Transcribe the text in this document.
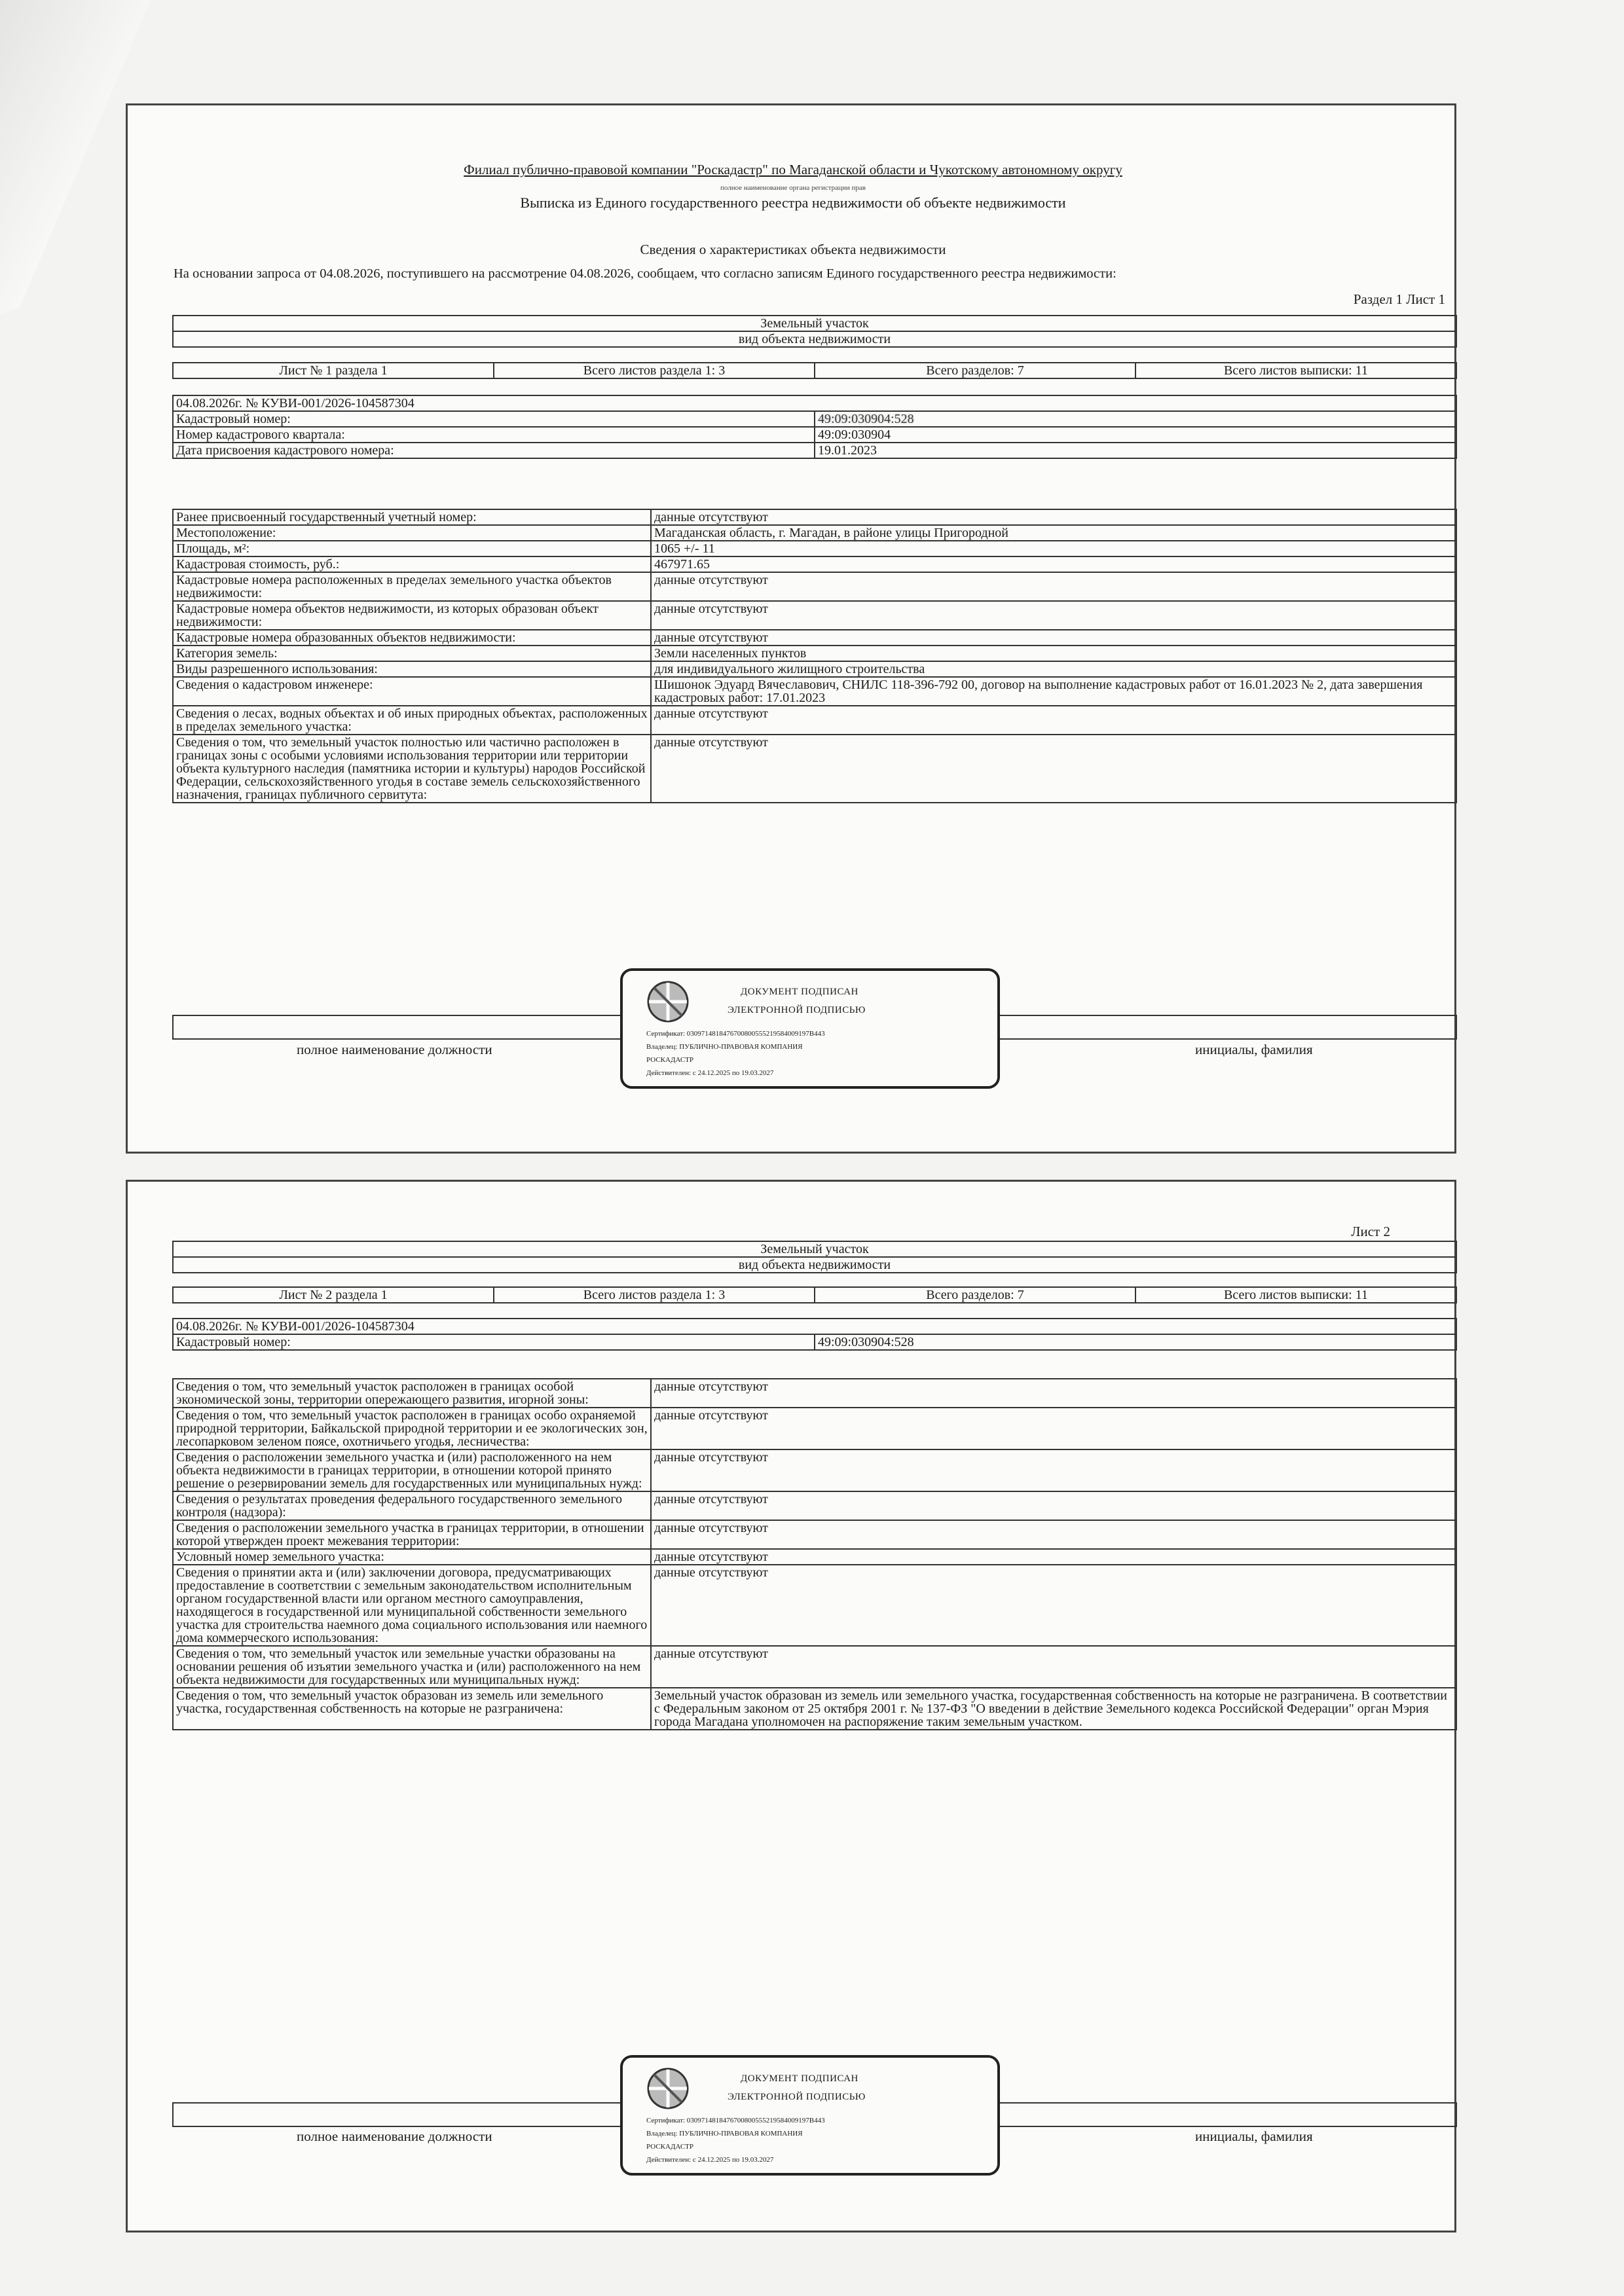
Филиал публично-правовой компании "Роскадастр" по Магаданской области и Чукотскому автономному округу
полное наименование органа регистрации прав
Выписка из Единого государственного реестра недвижимости об объекте недвижимости
Сведения о характеристиках объекта недвижимости
На основании запроса от 04.08.2026, поступившего на рассмотрение 04.08.2026, сообщаем, что согласно записям Единого государственного реестра недвижимости:
Раздел 1 Лист 1
Земельный участок
вид объекта недвижимости
Лист № 1 раздела 1	Всего листов раздела 1: 3	Всего разделов: 7	Всего листов выписки: 11
04.08.2026г. № КУВИ-001/2026-104587304	
Кадастровый номер:	49:09:030904:528
Номер кадастрового квартала:	49:09:030904
Дата присвоения кадастрового номера:	19.01.2023
Ранее присвоенный государственный учетный номер:	данные отсутствуют
Местоположение:	Магаданская область, г. Магадан, в районе улицы Пригородной
Площадь, м²:	1065 +/- 11
Кадастровая стоимость, руб.:	467971.65
Кадастровые номера расположенных в пределах земельного участка объектов недвижимости:	данные отсутствуют
Кадастровые номера объектов недвижимости, из которых образован объект недвижимости:	данные отсутствуют
Кадастровые номера образованных объектов недвижимости:	данные отсутствуют
Категория земель:	Земли населенных пунктов
Виды разрешенного использования:	для индивидуального жилищного строительства
Сведения о кадастровом инженере:	Шишонок Эдуард Вячеславович, СНИЛС 118-396-792 00, договор на выполнение кадастровых работ от 16.01.2023 № 2, дата завершения кадастровых работ: 17.01.2023
Сведения о лесах, водных объектах и об иных природных объектах, расположенных в пределах земельного участка:	данные отсутствуют
Сведения о том, что земельный участок полностью или частично расположен в границах зоны с особыми условиями использования территории или территории объекта культурного наследия (памятника истории и культуры) народов Российской Федерации, сельскохозяйственного угодья в составе земель сельскохозяйственного назначения, границах публичного сервитута:	данные отсутствуют
полное наименование должности	инициалы, фамилия
ДОКУМЕНТ ПОДПИСАН
ЭЛЕКТРОННОЙ ПОДПИСЬЮ
Сертификат: 0309714818476700800555219584009197B443
Владелец: ПУБЛИЧНО-ПРАВОВАЯ КОМПАНИЯ
РОСКАДАСТР
Действителен: с 24.12.2025 по 19.03.2027
Лист 2
Земельный участок
вид объекта недвижимости
Лист № 2 раздела 1	Всего листов раздела 1: 3	Всего разделов: 7	Всего листов выписки: 11
04.08.2026г. № КУВИ-001/2026-104587304
Кадастровый номер:	49:09:030904:528
Сведения о том, что земельный участок расположен в границах особой экономической зоны, территории опережающего развития, игорной зоны:	данные отсутствуют
Сведения о том, что земельный участок расположен в границах особо охраняемой природной территории, Байкальской природной территории и ее экологических зон, лесопарковом зеленом поясе, охотничьего угодья, лесничества:	данные отсутствуют
Сведения о расположении земельного участка и (или) расположенного на нем объекта недвижимости в границах территории, в отношении которой принято решение о резервировании земель для государственных или муниципальных нужд:	данные отсутствуют
Сведения о результатах проведения федерального государственного земельного контроля (надзора):	данные отсутствуют
Сведения о расположении земельного участка в границах территории, в отношении которой утвержден проект межевания территории:	данные отсутствуют
Условный номер земельного участка:	данные отсутствуют
Сведения о принятии акта и (или) заключении договора, предусматривающих предоставление в соответствии с земельным законодательством исполнительным органом государственной власти или органом местного самоуправления, находящегося в государственной или муниципальной собственности земельного участка для строительства наемного дома социального использования или наемного дома коммерческого использования:	данные отсутствуют
Сведения о том, что земельный участок или земельные участки образованы на основании решения об изъятии земельного участка и (или) расположенного на нем объекта недвижимости для государственных или муниципальных нужд:	данные отсутствуют
Сведения о том, что земельный участок образован из земель или земельного участка, государственная собственность на которые не разграничена:	Земельный участок образован из земель или земельного участка, государственная собственность на которые не разграничена. В соответствии с Федеральным законом от 25 октября 2001 г. № 137-ФЗ "О введении в действие Земельного кодекса Российской Федерации" орган Мэрия города Магадана уполномочен на распоряжение таким земельным участком.
полное наименование должности	инициалы, фамилия
ДОКУМЕНТ ПОДПИСАН
ЭЛЕКТРОННОЙ ПОДПИСЬЮ
Сертификат: 0309714818476700800555219584009197B443
Владелец: ПУБЛИЧНО-ПРАВОВАЯ КОМПАНИЯ
РОСКАДАСТР
Действителен: с 24.12.2025 по 19.03.2027
